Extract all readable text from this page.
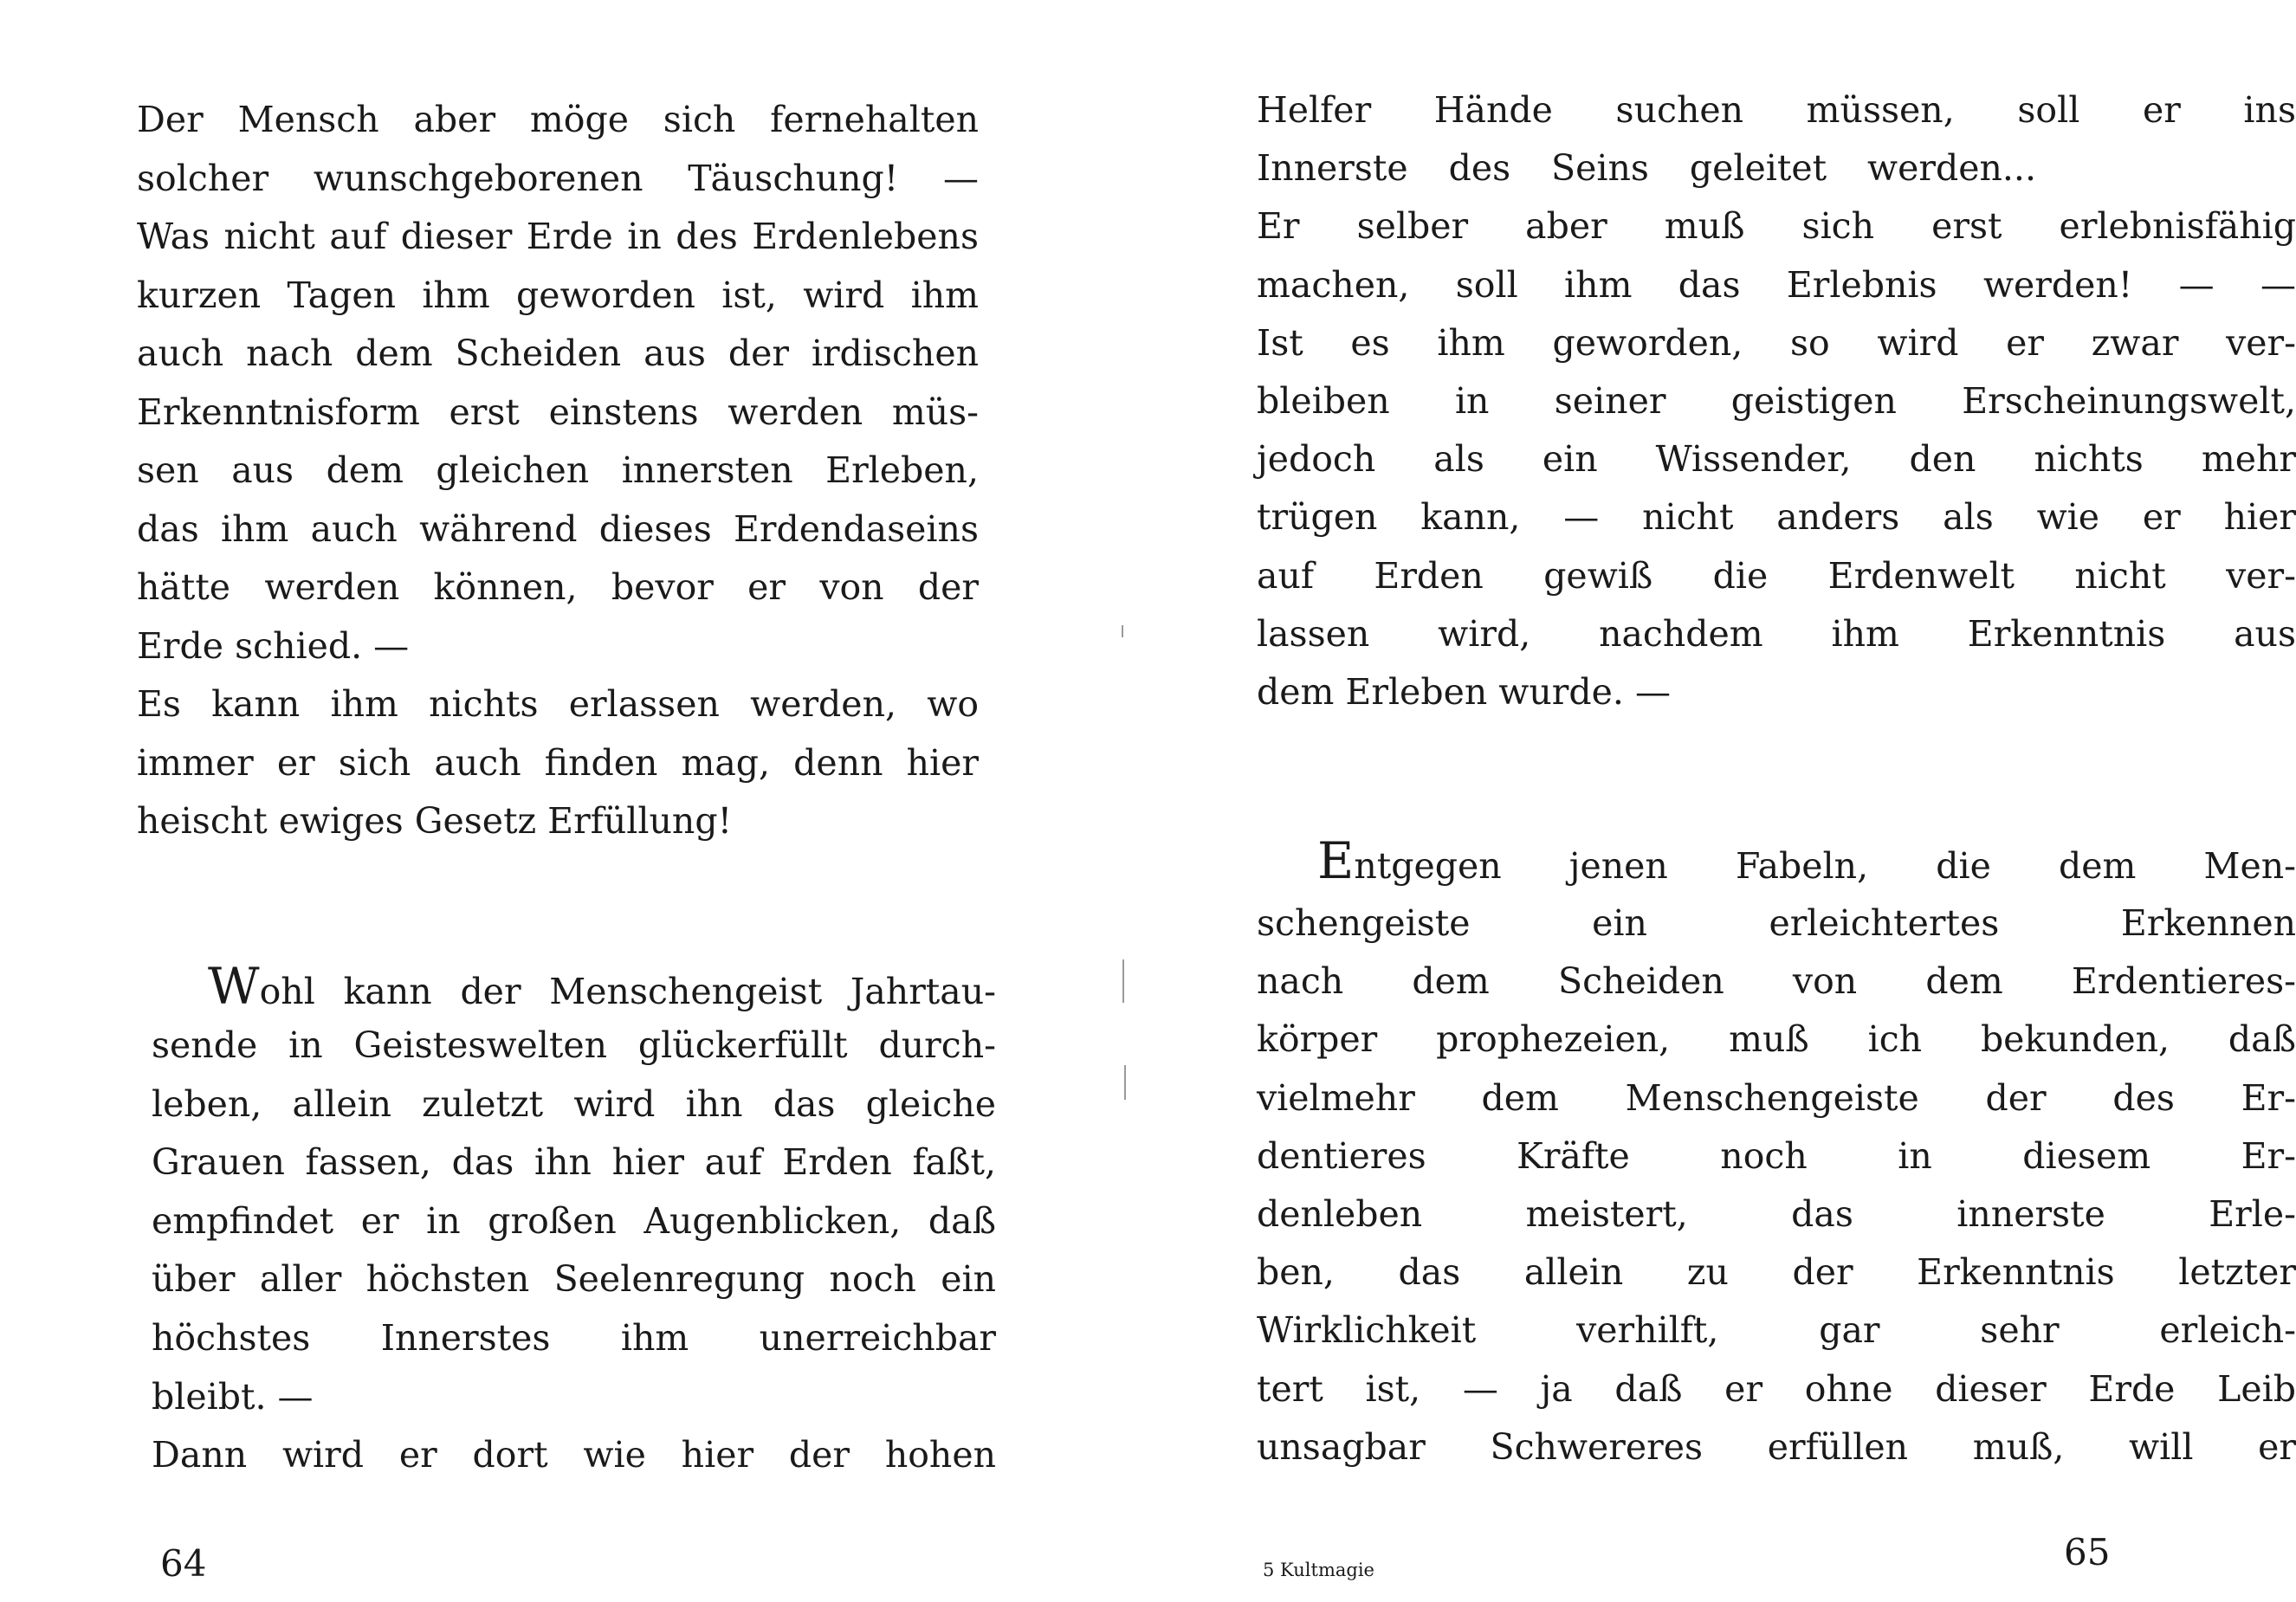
Der Mensch aber möge sich fernehalten

solcher wunschgeborenen Täuschung! —

Was nicht auf dieser Erde in des Erdenlebens

kurzen Tagen ihm geworden ist, wird ihm

auch nach dem Scheiden aus der irdischen

Erkenntnisform erst einstens werden müs-

sen aus dem gleichen innersten Erleben,

das ihm auch während dieses Erdendaseins

hätte werden können, bevor er von der

Erde schied. —

Es kann ihm nichts erlassen werden, wo

immer er sich auch finden mag, denn hier

heischt ewiges Gesetz Erfüllung!

Wohl kann der Menschengeist Jahrtau-

sende in Geisteswelten glückerfüllt durch-

leben, allein zuletzt wird ihn das gleiche

Grauen fassen, das ihn hier auf Erden faßt,

empfindet er in großen Augenblicken, daß

über aller höchsten Seelenregung noch ein

höchstes Innerstes ihm unerreichbar

bleibt. —

Dann wird er dort wie hier der hohen

64

Helfer Hände suchen müssen, soll er ins

Innerste des Seins geleitet werden...

Er selber aber muß sich erst erlebnisfähig

machen, soll ihm das Erlebnis werden! — —

Ist es ihm geworden, so wird er zwar ver-

bleiben in seiner geistigen Erscheinungswelt,

jedoch als ein Wissender, den nichts mehr

trügen kann, — nicht anders als wie er hier

auf Erden gewiß die Erdenwelt nicht ver-

lassen wird, nachdem ihm Erkenntnis aus

dem Erleben wurde. —

Entgegen jenen Fabeln, die dem Men-

schengeiste ein erleichtertes Erkennen

nach dem Scheiden von dem Erdentieres-

körper prophezeien, muß ich bekunden, daß

vielmehr dem Menschengeiste der des Er-

dentieres Kräfte noch in diesem Er-

denleben meistert, das innerste Erle-

ben, das allein zu der Erkenntnis letzter

Wirklichkeit verhilft, gar sehr erleich-

tert ist, — ja daß er ohne dieser Erde Leib

unsagbar Schwereres erfüllen muß, will er

5 Kultmagie	65
